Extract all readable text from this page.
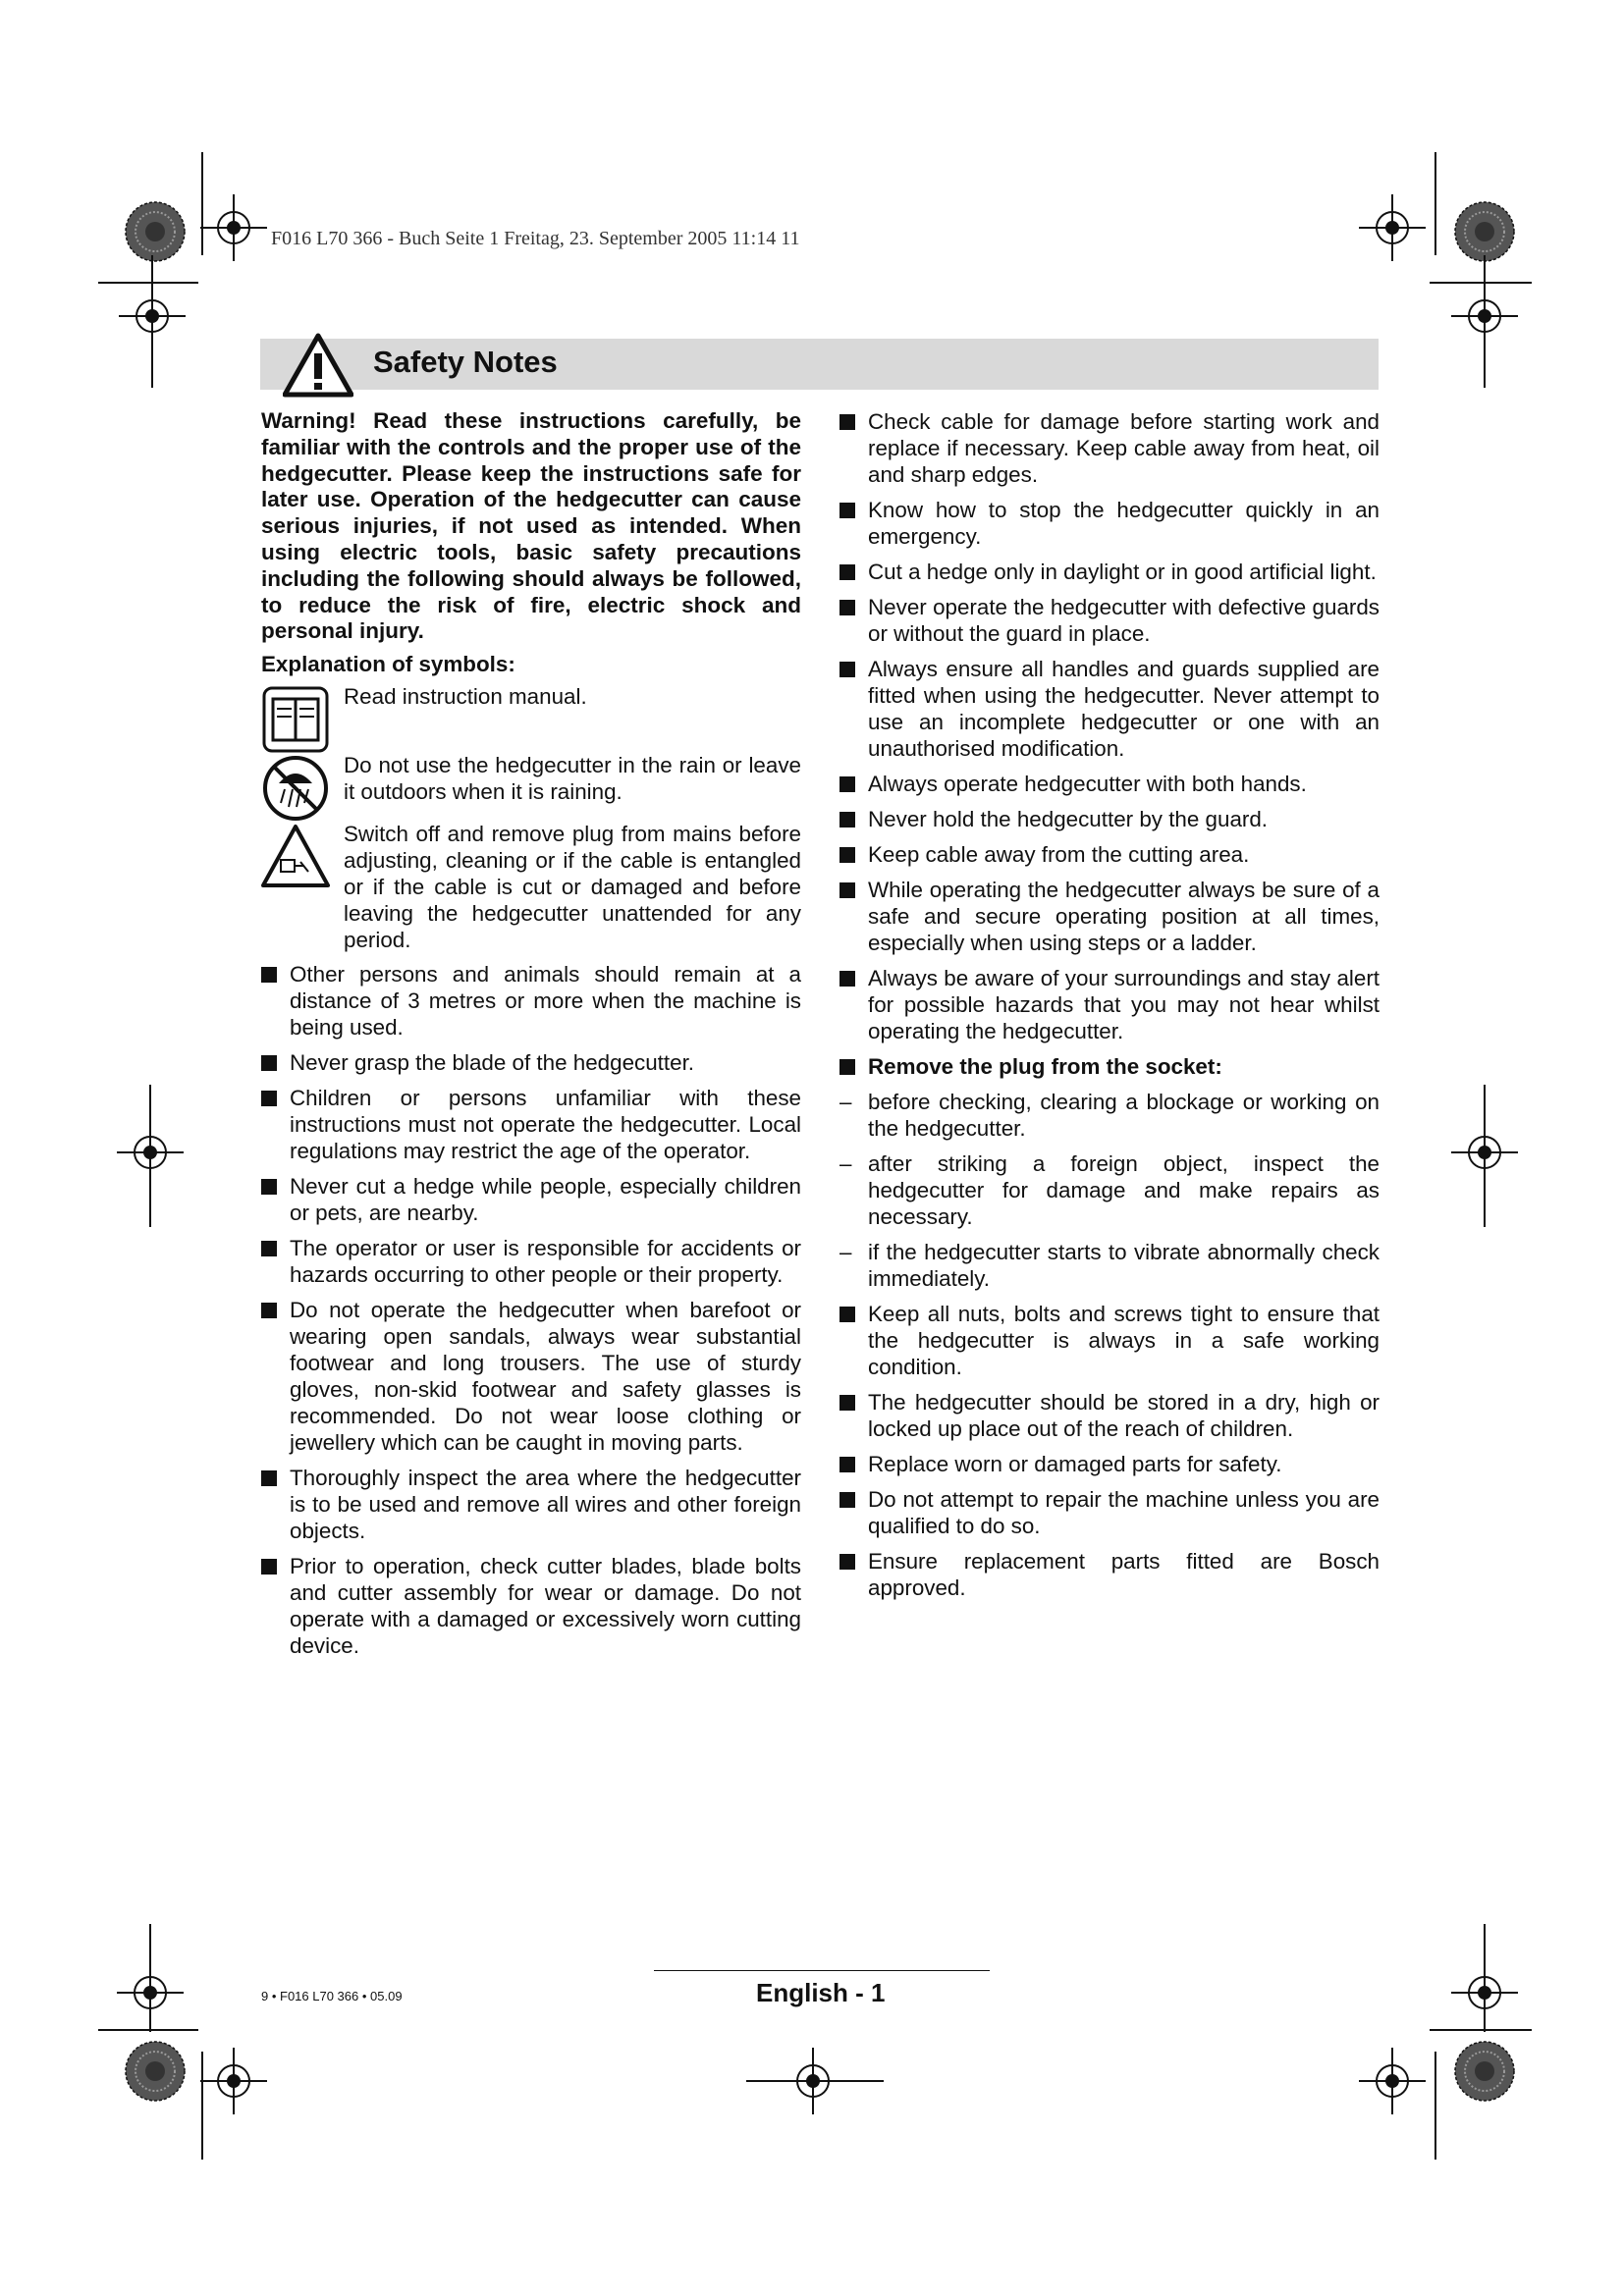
F016 L70 366 - Buch Seite 1 Freitag, 23. September 2005 11:14 11
Safety Notes

Warning! Read these instructions carefully, be familiar with the controls and the proper use of the hedgecutter. Please keep the instructions safe for later use. Operation of the hedgecutter can cause serious injuries, if not used as intended. When using electric tools, basic safety precautions including the following should always be followed, to reduce the risk of fire, electric shock and personal injury.

Explanation of symbols:

Read instruction manual.
Do not use the hedgecutter in the rain or leave it outdoors when it is raining.
Switch off and remove plug from mains before adjusting, cleaning or if the cable is entangled or if the cable is cut or damaged and before leaving the hedgecutter unattended for any period.
Other persons and animals should remain at a distance of 3 metres or more when the machine is being used.
Never grasp the blade of the hedgecutter.
Children or persons unfamiliar with these instructions must not operate the hedgecutter. Local regulations may restrict the age of the operator.
Never cut a hedge while people, especially children or pets, are nearby.
The operator or user is responsible for accidents or hazards occurring to other people or their property.
Do not operate the hedgecutter when barefoot or wearing open sandals, always wear substantial footwear and long trousers. The use of sturdy gloves, non-skid footwear and safety glasses is recommended. Do not wear loose clothing or jewellery which can be caught in moving parts.
Thoroughly inspect the area where the hedgecutter is to be used and remove all wires and other foreign objects.
Prior to operation, check cutter blades, blade bolts and cutter assembly for wear or damage. Do not operate with a damaged or excessively worn cutting device.
Check cable for damage before starting work and replace if necessary. Keep cable away from heat, oil and sharp edges.
Know how to stop the hedgecutter quickly in an emergency.
Cut a hedge only in daylight or in good artificial light.
Never operate the hedgecutter with defective guards or without the guard in place.
Always ensure all handles and guards supplied are fitted when using the hedgecutter. Never attempt to use an incomplete hedgecutter or one with an unauthorised modification.
Always operate hedgecutter with both hands.
Never hold the hedgecutter by the guard.
Keep cable away from the cutting area.
While operating the hedgecutter always be sure of a safe and secure operating position at all times, especially when using steps or a ladder.
Always be aware of your surroundings and stay alert for possible hazards that you may not hear whilst operating the hedgecutter.
Remove the plug from the socket:
– before checking, clearing a blockage or working on the hedgecutter.
– after striking a foreign object, inspect the hedgecutter for damage and make repairs as necessary.
– if the hedgecutter starts to vibrate abnormally check immediately.
Keep all nuts, bolts and screws tight to ensure that the hedgecutter is always in a safe working condition.
The hedgecutter should be stored in a dry, high or locked up place out of the reach of children.
Replace worn or damaged parts for safety.
Do not attempt to repair the machine unless you are qualified to do so.
Ensure replacement parts fitted are Bosch approved.
9 • F016 L70 366 • 05.09	English - 1
